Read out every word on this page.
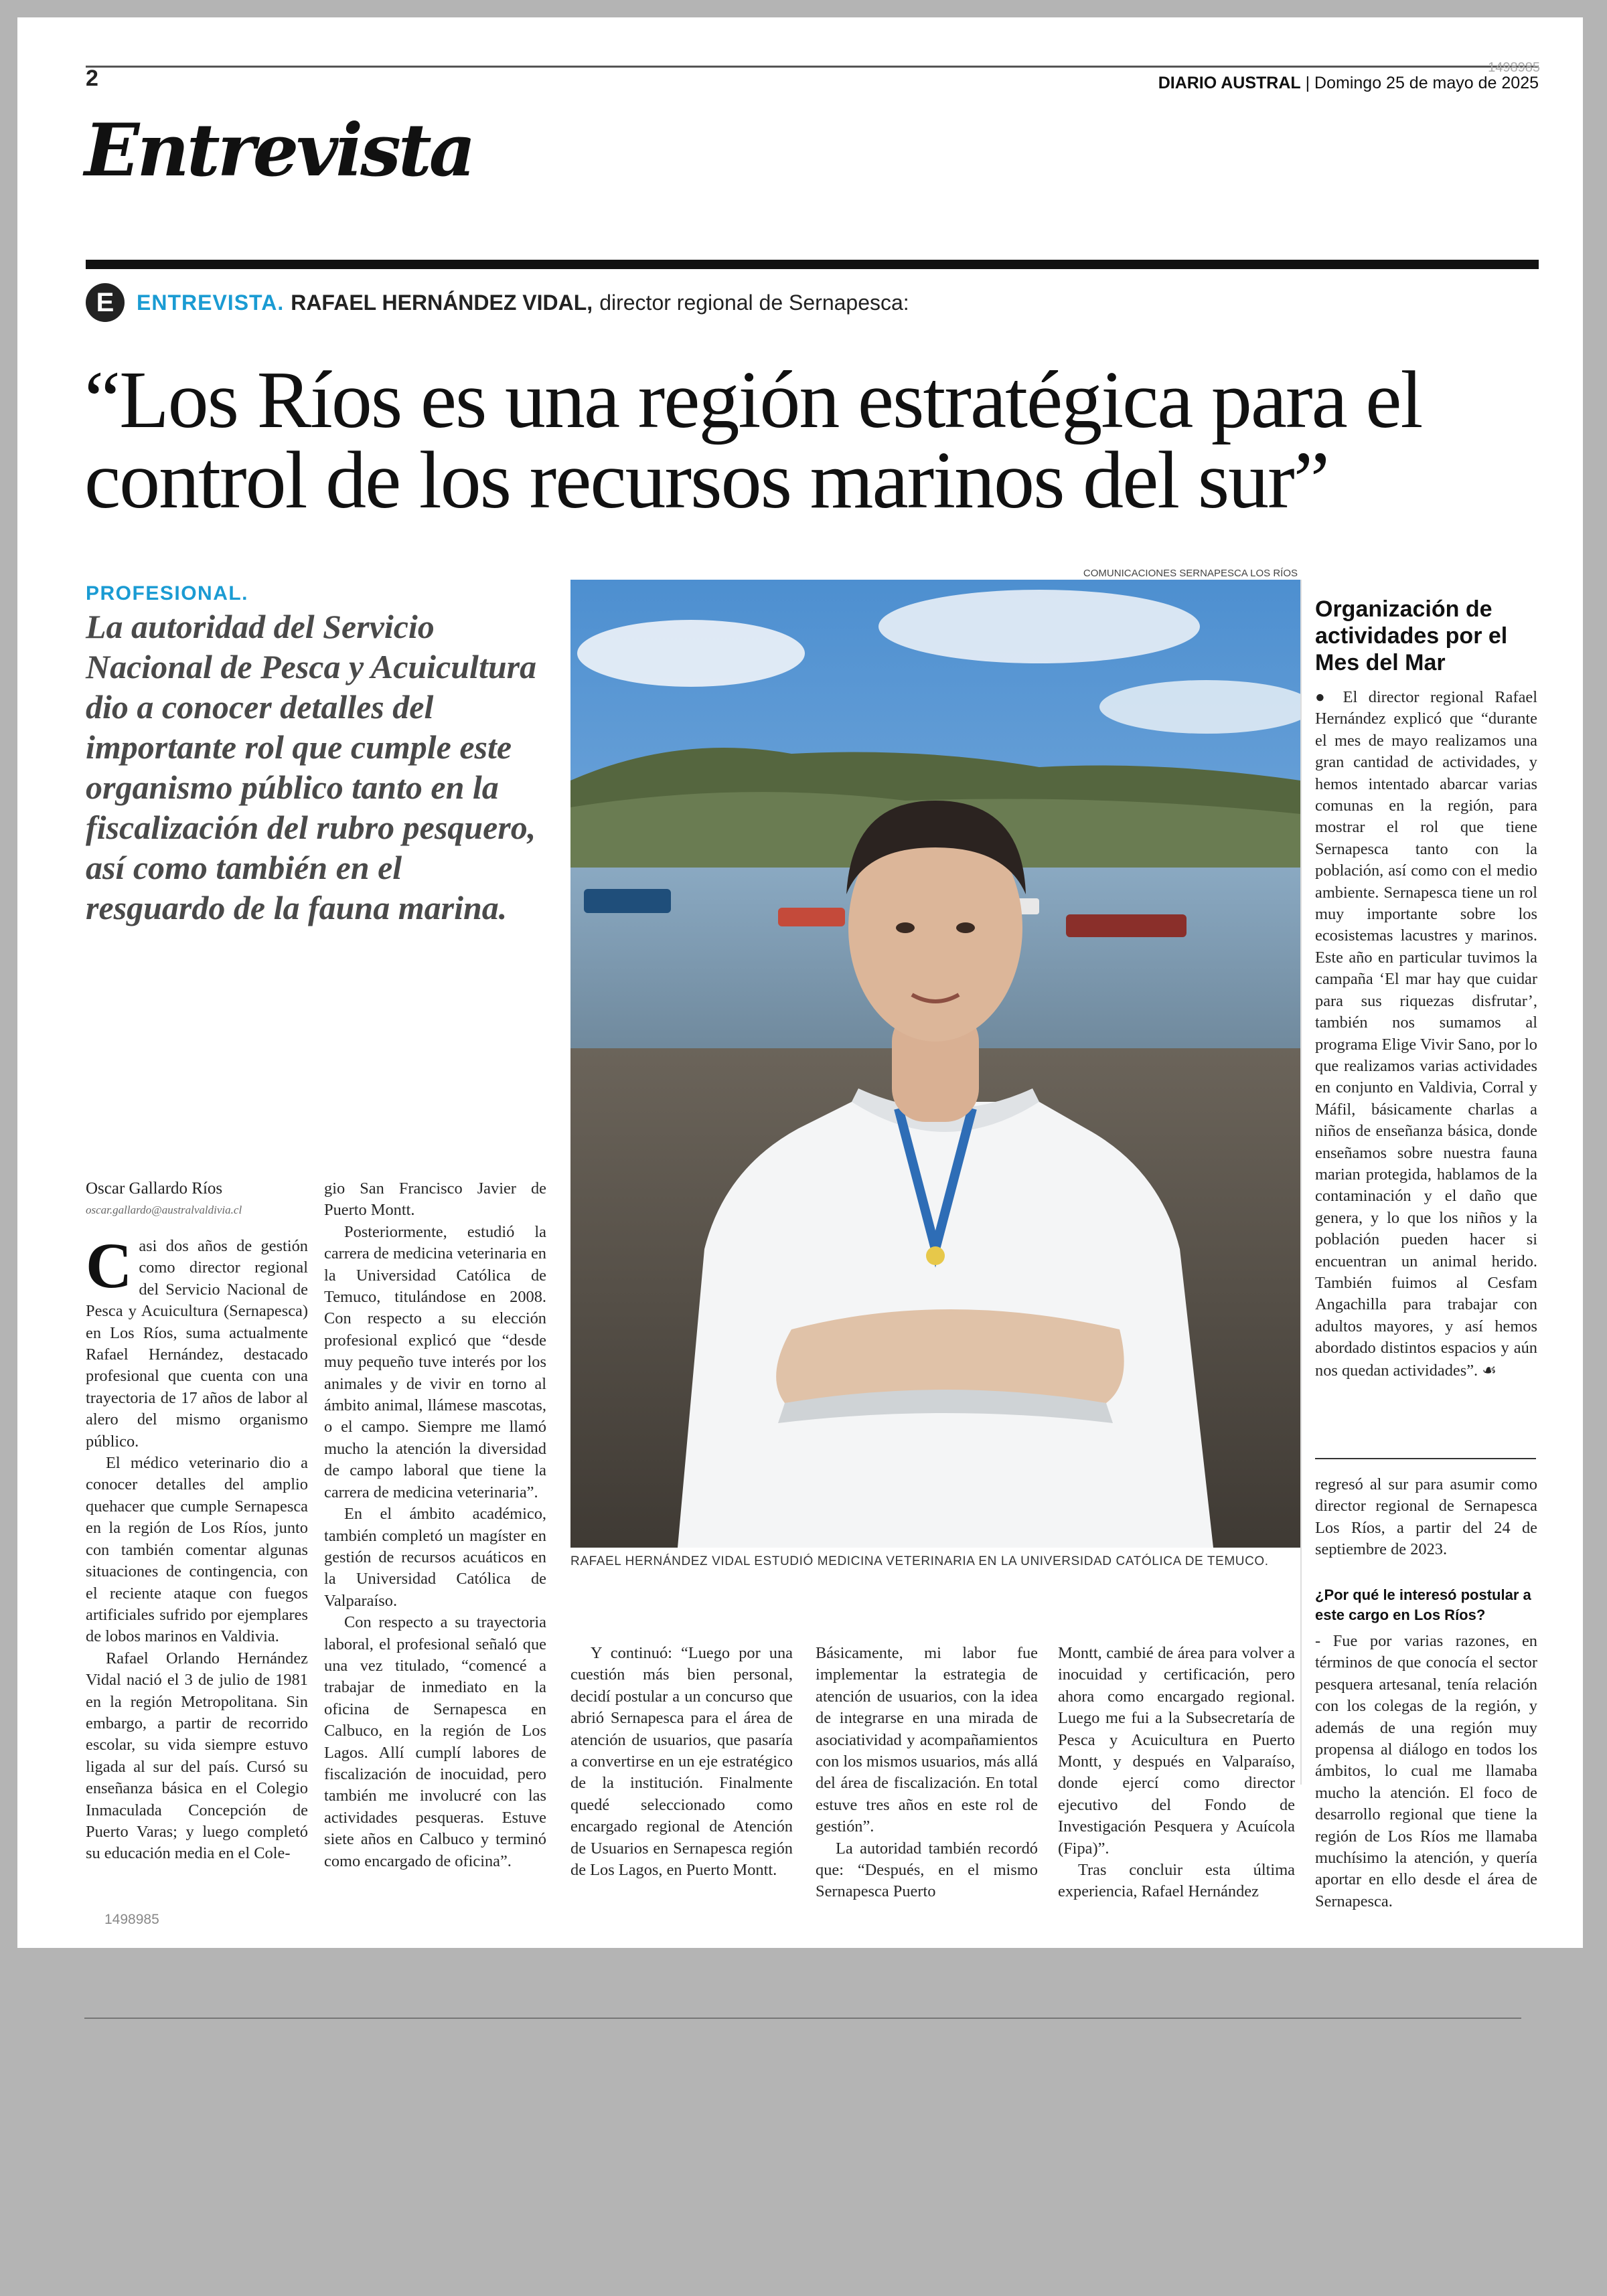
2	1498985
DIARIO AUSTRAL | Domingo 25 de mayo de 2025
Entrevista
E	ENTREVISTA. RAFAEL HERNÁNDEZ VIDAL, director regional de Sernapesca:
“Los Ríos es una región estratégica para el control de los recursos marinos del sur”
PROFESIONAL.
La autoridad del Servicio Nacional de Pesca y Acuicultura dio a conocer detalles del importante rol que cumple este organismo público tanto en la fiscalización del rubro pesquero, así como también en el resguardo de la fauna marina.
COMUNICACIONES SERNAPESCA LOS RÍOS
RAFAEL HERNÁNDEZ VIDAL ESTUDIÓ MEDICINA VETERINARIA EN LA UNIVERSIDAD CATÓLICA DE TEMUCO.
Oscar Gallardo Ríos
oscar.gallardo@australvaldivia.cl

Casi dos años de gestión como director regional del Servicio Nacional de Pesca y Acuicultura (Sernapesca) en Los Ríos, suma actualmente Rafael Hernández, destacado profesional que cuenta con una trayectoria de 17 años de labor al alero del mismo organismo público.

El médico veterinario dio a conocer detalles del amplio quehacer que cumple Sernapesca en la región de Los Ríos, junto con también comentar algunas situaciones de contingencia, con el reciente ataque con fuegos artificiales sufrido por ejemplares de lobos marinos en Valdivia.

Rafael Orlando Hernández Vidal nació el 3 de julio de 1981 en la región Metropolitana. Sin embargo, a partir de recorrido escolar, su vida siempre estuvo ligada al sur del país. Cursó su enseñanza básica en el Colegio Inmaculada Concepción de Puerto Varas; y luego completó su educación media en el Cole-

gio San Francisco Javier de Puerto Montt.

Posteriormente, estudió la carrera de medicina veterinaria en la Universidad Católica de Temuco, titulándose en 2008. Con respecto a su elección profesional explicó que “desde muy pequeño tuve interés por los animales y de vivir en torno al ámbito animal, llámese mascotas, o el campo. Siempre me llamó mucho la atención la diversidad de campo laboral que tiene la carrera de medicina veterinaria”.

En el ámbito académico, también completó un magíster en gestión de recursos acuáticos en la Universidad Católica de Valparaíso.

Con respecto a su trayectoria laboral, el profesional señaló que una vez titulado, “comencé a trabajar de inmediato en la oficina de Sernapesca en Calbuco, en la región de Los Lagos. Allí cumplí labores de fiscalización de inocuidad, pero también me involucré con las actividades pesqueras. Estuve siete años en Calbuco y terminó como encargado de oficina”.

Y continuó: “Luego por una cuestión más bien personal, decidí postular a un concurso que abrió Sernapesca para el área de atención de usuarios, que pasaría a convertirse en un eje estratégico de la institución. Finalmente quedé seleccionado como encargado regional de Atención de Usuarios en Sernapesca región de Los Lagos, en Puerto Montt.

Básicamente, mi labor fue implementar la estrategia de atención de usuarios, con la idea de integrarse en una mirada de asociatividad y acompañamientos con los mismos usuarios, más allá del área de fiscalización. En total estuve tres años en este rol de gestión”.

La autoridad también recordó que: “Después, en el mismo Sernapesca Puerto

Montt, cambié de área para volver a inocuidad y certificación, pero ahora como encargado regional. Luego me fui a la Subsecretaría de Pesca y Acuicultura en Puerto Montt, y después en Valparaíso, donde ejercí como director ejecutivo del Fondo de Investigación Pesquera y Acuícola (Fipa)”.

Tras concluir esta última experiencia, Rafael Hernández

Organización de actividades por el Mes del Mar

● El director regional Rafael Hernández explicó que “durante el mes de mayo realizamos una gran cantidad de actividades, y hemos intentado abarcar varias comunas en la región, para mostrar el rol que tiene Sernapesca tanto con la población, así como con el medio ambiente. Sernapesca tiene un rol muy importante sobre los ecosistemas lacustres y marinos. Este año en particular tuvimos la campaña ‘El mar hay que cuidar para sus riquezas disfrutar’, también nos sumamos al programa Elige Vivir Sano, por lo que realizamos varias actividades en conjunto en Valdivia, Corral y Máfil, básicamente charlas a niños de enseñanza básica, donde enseñamos sobre nuestra fauna marian protegida, hablamos de la contaminación y el daño que genera, y lo que los niños y la población pueden hacer si encuentran un animal herido. También fuimos al Cesfam Angachilla para trabajar con adultos mayores, y así hemos abordado distintos espacios y aún nos quedan actividades”. ☙

regresó al sur para asumir como director regional de Sernapesca Los Ríos, a partir del 24 de septiembre de 2023.

¿Por qué le interesó postular a este cargo en Los Ríos?

- Fue por varias razones, en términos de que conocía el sector pesquera artesanal, tenía relación con los colegas de la región, y además de una región muy propensa al diálogo en todos los ámbitos, lo cual me llamaba mucho la atención. El foco de desarrollo regional que tiene la región de Los Ríos me llamaba muchísimo la atención, y quería aportar en ello desde el área de Sernapesca.

1498985
